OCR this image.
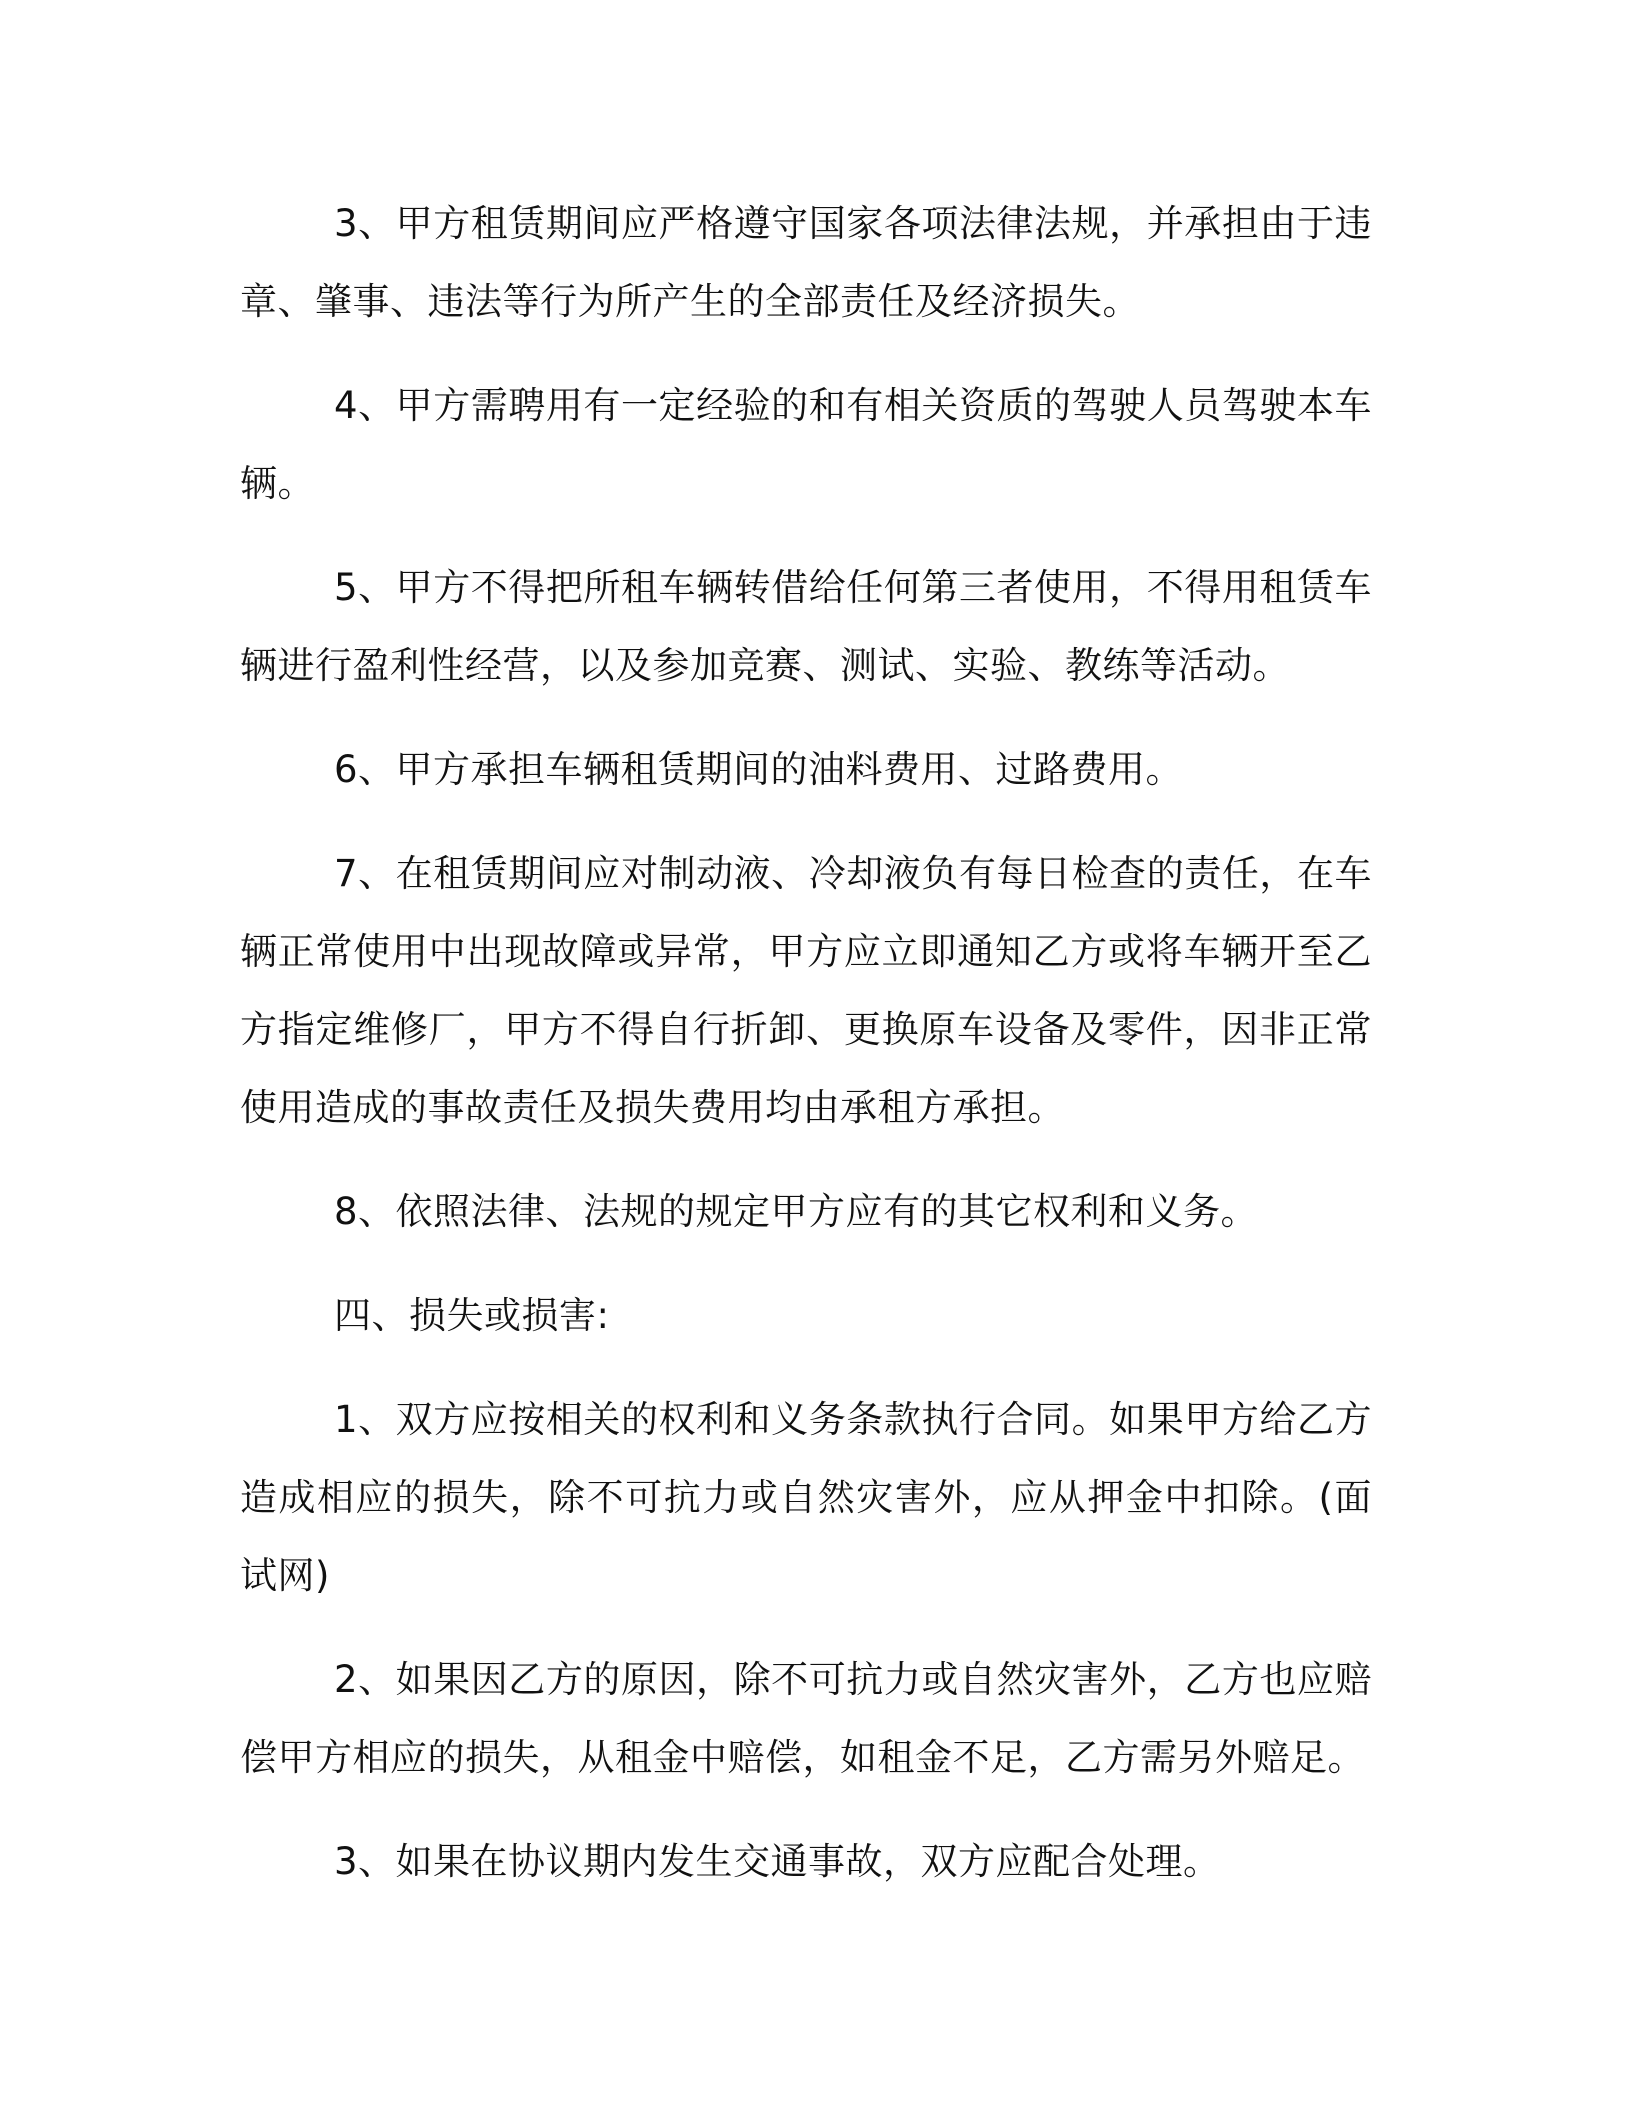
3、甲方租赁期间应严格遵守国家各项法律法规，并承担由于违章、肇事、违法等行为所产生的全部责任及经济损失。

4、甲方需聘用有一定经验的和有相关资质的驾驶人员驾驶本车辆。

5、甲方不得把所租车辆转借给任何第三者使用，不得用租赁车辆进行盈利性经营，以及参加竞赛、测试、实验、教练等活动。

6、甲方承担车辆租赁期间的油料费用、过路费用。

7、在租赁期间应对制动液、冷却液负有每日检查的责任，在车辆正常使用中出现故障或异常，甲方应立即通知乙方或将车辆开至乙方指定维修厂，甲方不得自行折卸、更换原车设备及零件，因非正常使用造成的事故责任及损失费用均由承租方承担。

8、依照法律、法规的规定甲方应有的其它权利和义务。

四、损失或损害:

1、双方应按相关的权利和义务条款执行合同。如果甲方给乙方造成相应的损失，除不可抗力或自然灾害外，应从押金中扣除。(面试网)

2、如果因乙方的原因，除不可抗力或自然灾害外，乙方也应赔偿甲方相应的损失，从租金中赔偿，如租金不足，乙方需另外赔足。

3、如果在协议期内发生交通事故，双方应配合处理。
